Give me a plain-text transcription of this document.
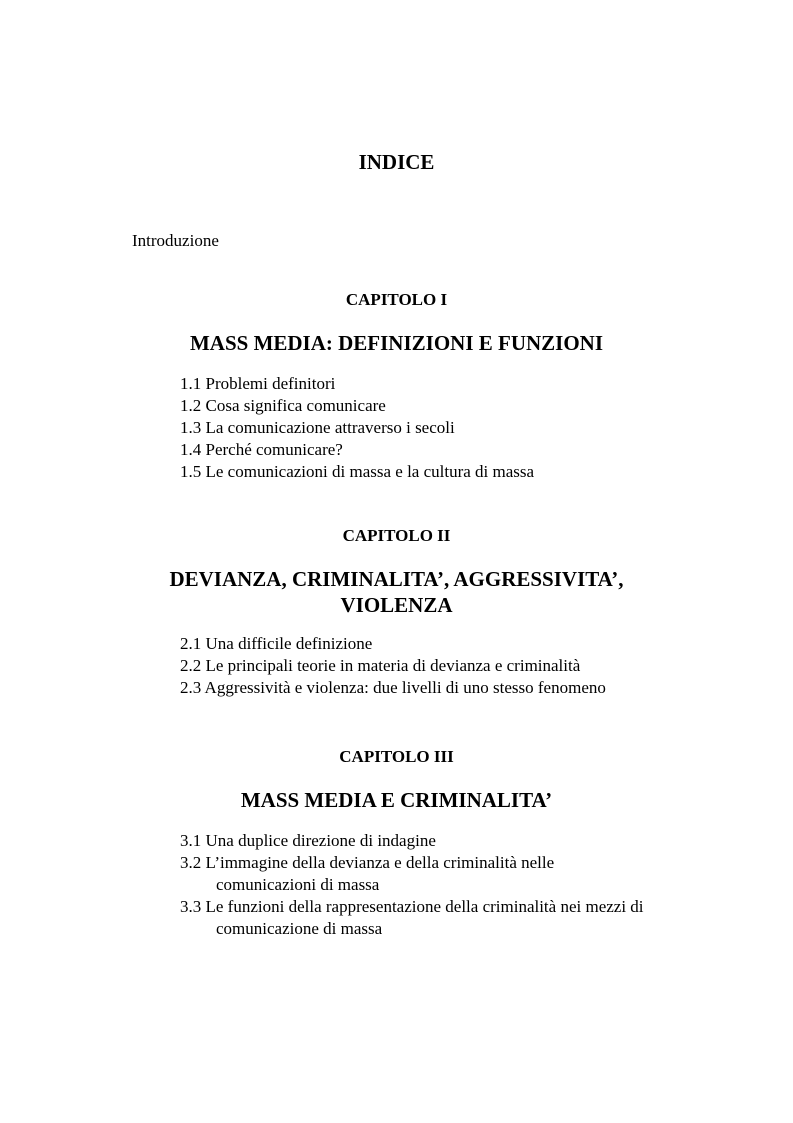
INDICE

Introduzione

CAPITOLO I

MASS MEDIA: DEFINIZIONI E FUNZIONI

1.1 Problemi definitori
1.2 Cosa significa comunicare
1.3 La comunicazione attraverso i secoli
1.4 Perché comunicare?
1.5 Le comunicazioni di massa e la cultura di massa

CAPITOLO II

DEVIANZA, CRIMINALITA’, AGGRESSIVITA’,

VIOLENZA

2.1 Una difficile definizione
2.2 Le principali teorie in materia di devianza e criminalità
2.3 Aggressività e violenza: due livelli di uno stesso fenomeno

CAPITOLO III

MASS MEDIA E CRIMINALITA’

3.1 Una duplice direzione di indagine
3.2 L’immagine della devianza e della criminalità nelle
comunicazioni di massa
3.3 Le funzioni della rappresentazione della criminalità nei mezzi di
comunicazione di massa
